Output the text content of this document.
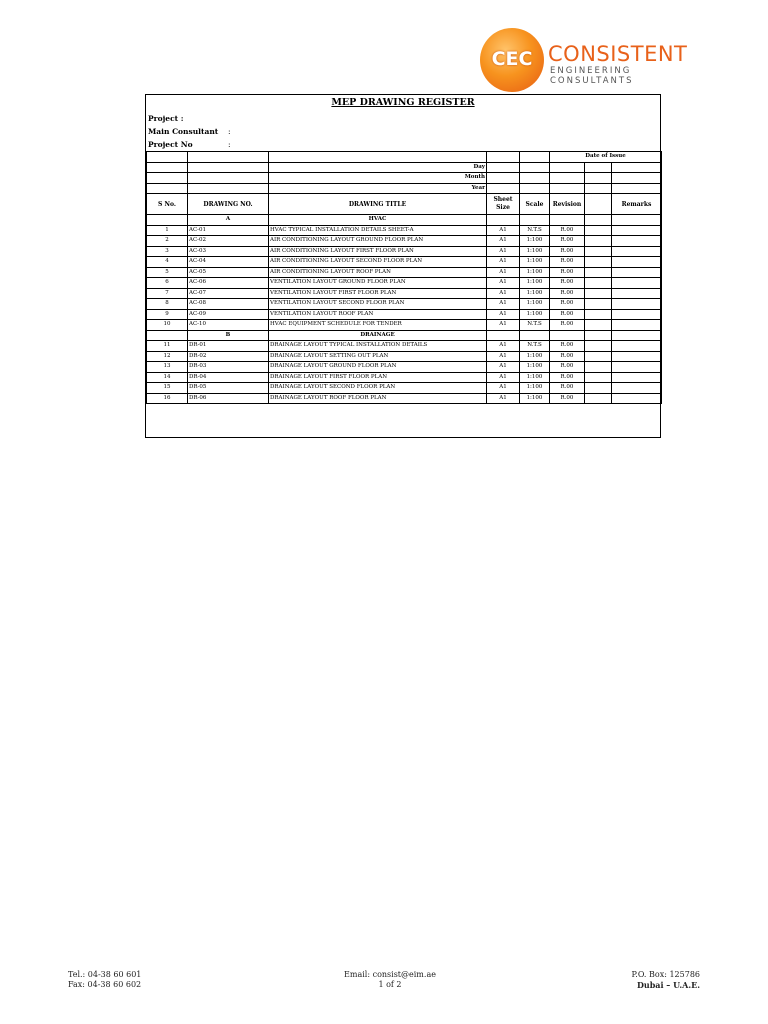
CEC CONSISTENT
ENGINEERING CONSULTANTS
MEP DRAWING REGISTER
Project :
Main Consultant :
Project No	:
					Date of Issue		
		Day					
		Month					
		Year					
S No.	DRAWING NO.	DRAWING TITLE	Sheet Size	Scale	Revision		Remarks
	A	HVAC					
1	AC-01	HVAC TYPICAL INSTALLATION DETAILS SHEET-A	A1	N.T.S	R.00		
2	AC-02	AIR CONDITIONING LAYOUT GROUND FLOOR PLAN	A1	1:100	R.00		
3	AC-03	AIR CONDITIONING LAYOUT FIRST FLOOR PLAN	A1	1:100	R.00		
4	AC-04	AIR CONDITIONING LAYOUT SECOND FLOOR PLAN	A1	1:100	R.00		
5	AC-05	AIR CONDITIONING LAYOUT ROOF PLAN	A1	1:100	R.00		
6	AC-06	VENTILATION LAYOUT GROUND FLOOR PLAN	A1	1:100	R.00		
7	AC-07	VENTILATION LAYOUT FIRST FLOOR PLAN	A1	1:100	R.00		
8	AC-08	VENTILATION LAYOUT SECOND FLOOR PLAN	A1	1:100	R.00		
9	AC-09	VENTILATION LAYOUT ROOF PLAN	A1	1:100	R.00		
10	AC-10	HVAC EQUIPMENT SCHEDULE FOR TENDER	A1	N.T.S	R.00		
	B	DRAINAGE					
11	DR-01	DRAINAGE LAYOUT TYPICAL INSTALLATION DETAILS	A1	N.T.S	R.00		
12	DR-02	DRAINAGE LAYOUT SETTING OUT PLAN	A1	1:100	R.00		
13	DR-03	DRAINAGE LAYOUT GROUND FLOOR PLAN	A1	1:100	R.00		
14	DR-04	DRAINAGE LAYOUT FIRST FLOOR PLAN	A1	1:100	R.00		
15	DR-05	DRAINAGE LAYOUT SECOND FLOOR PLAN	A1	1:100	R.00		
16	DR-06	DRAINAGE LAYOUT ROOF FLOOR PLAN	A1	1:100	R.00		
Tel.: 04-38 60 601
Fax: 04-38 60 602
Email: consist@eim.ae
1 of 2
P.O. Box: 125786
Dubai – U.A.E.
